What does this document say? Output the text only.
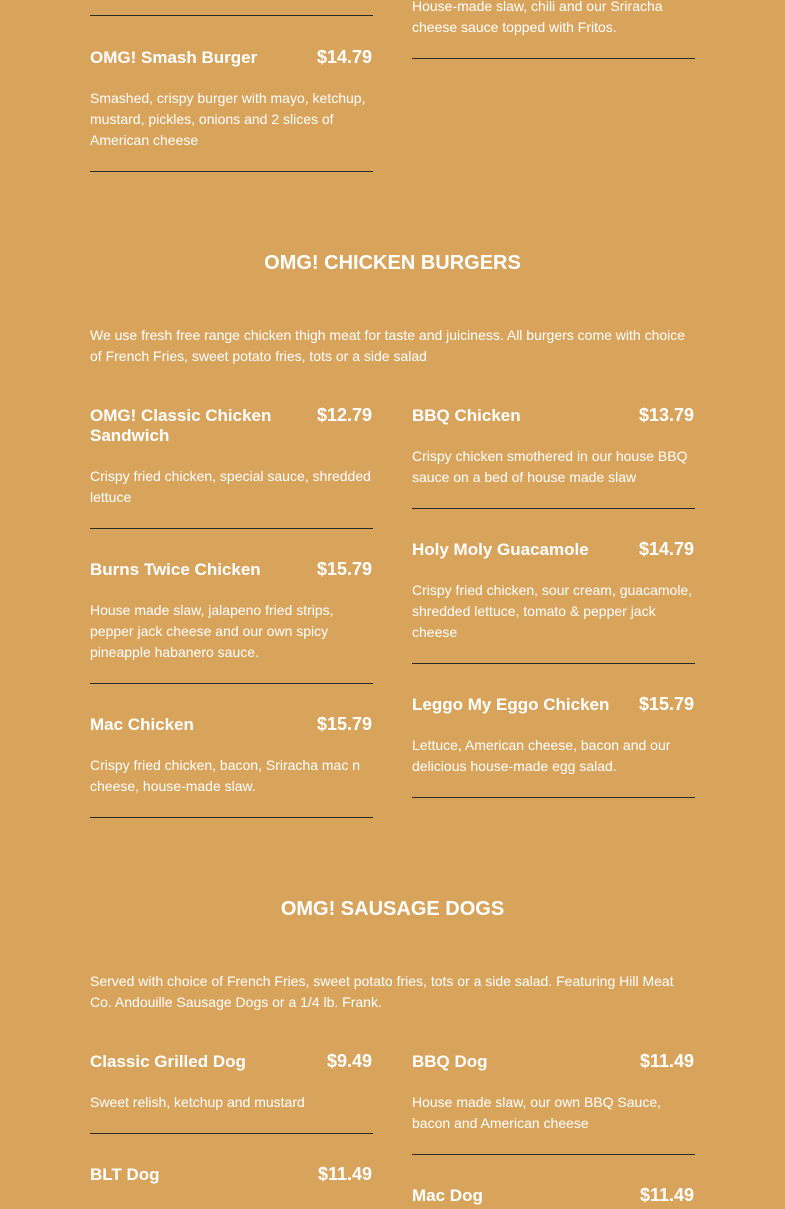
House-made slaw, chili and our Sriracha cheese sauce topped with Fritos.
OMG! Smash Burger	$14.79
Smashed, crispy burger with mayo, ketchup, mustard, pickles, onions and 2 slices of American cheese
OMG! CHICKEN BURGERS
We use fresh free range chicken thigh meat for taste and juiciness. All burgers come with choice of French Fries, sweet potato fries, tots or a side salad
OMG! Classic Chicken Sandwich
$12.79
Crispy fried chicken, special sauce, shredded lettuce
BBQ Chicken	$13.79
Crispy chicken smothered in our house BBQ sauce on a bed of house made slaw
Burns Twice Chicken	$15.79
House made slaw, jalapeno fried strips, pepper jack cheese and our own spicy pineapple habanero sauce.
Holy Moly Guacamole	$14.79
Crispy fried chicken, sour cream, guacamole, shredded lettuce, tomato & pepper jack cheese
Mac Chicken	$15.79
Crispy fried chicken, bacon, Sriracha mac n cheese, house-made slaw.
Leggo My Eggo Chicken	$15.79
Lettuce, American cheese, bacon and our delicious house-made egg salad.
OMG! SAUSAGE DOGS
Served with choice of French Fries, sweet potato fries, tots or a side salad. Featuring Hill Meat Co. Andouille Sausage Dogs or a 1/4 lb. Frank.
Classic Grilled Dog	$9.49
Sweet relish, ketchup and mustard
BBQ Dog	$11.49
House made slaw, our own BBQ Sauce, bacon and American cheese
BLT Dog	$11.49
Mac Dog	$11.49
